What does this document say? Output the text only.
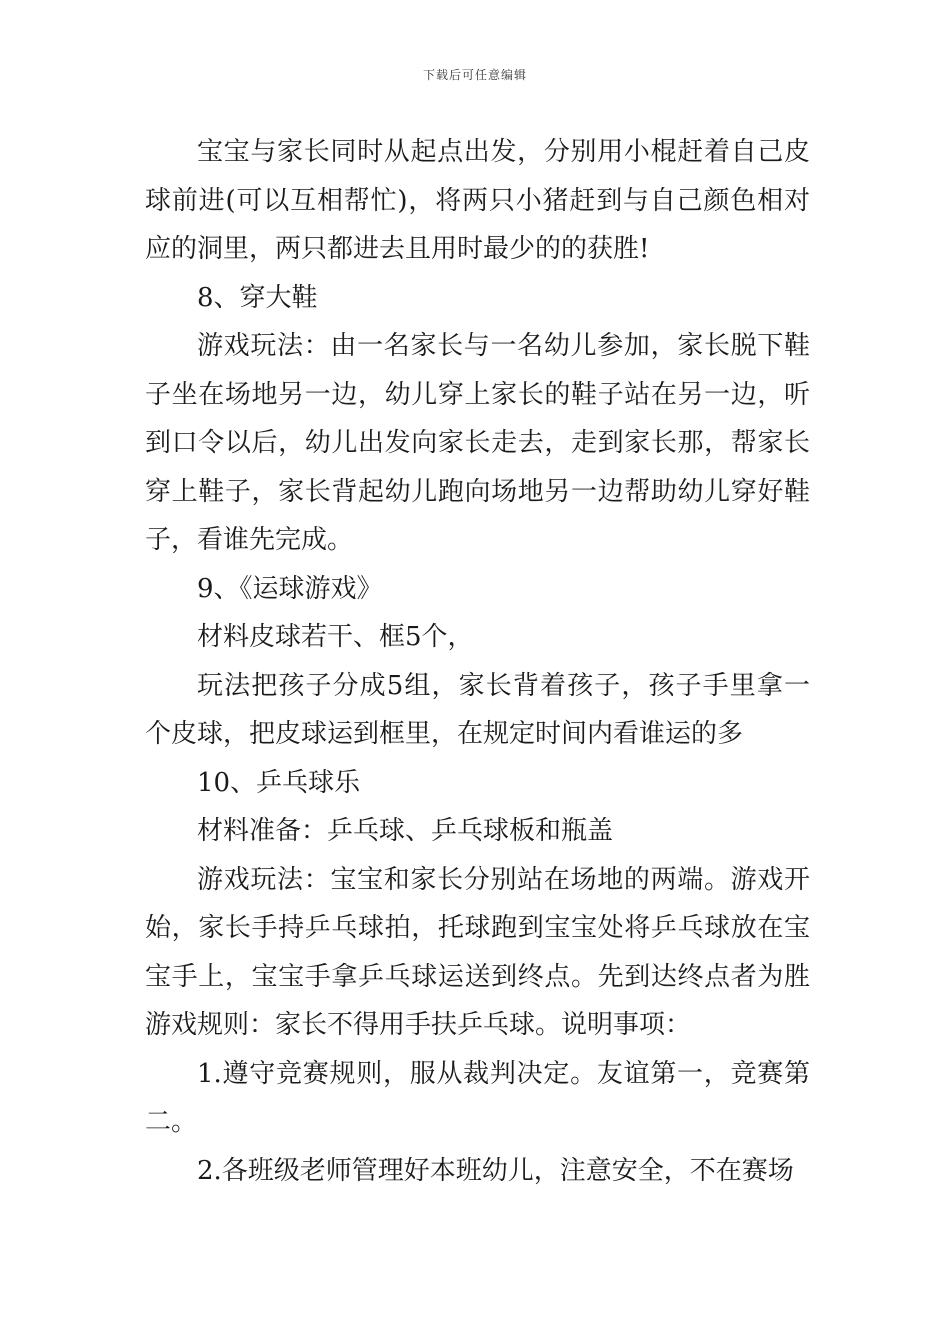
下载后可任意编辑

宝宝与家长同时从起点出发，分别用小棍赶着自己皮球前进(可以互相帮忙)，将两只小猪赶到与自己颜色相对应的洞里，两只都进去且用时最少的的获胜!

8、穿大鞋

游戏玩法：由一名家长与一名幼儿参加，家长脱下鞋子坐在场地另一边，幼儿穿上家长的鞋子站在另一边，听到口令以后，幼儿出发向家长走去，走到家长那，帮家长穿上鞋子，家长背起幼儿跑向场地另一边帮助幼儿穿好鞋子，看谁先完成。

9、《运球游戏》

材料皮球若干、框5个，

玩法把孩子分成5组，家长背着孩子，孩子手里拿一个皮球，把皮球运到框里，在规定时间内看谁运的多

10、乒乓球乐

材料准备：乒乓球、乒乓球板和瓶盖

游戏玩法：宝宝和家长分别站在场地的两端。游戏开始，家长手持乒乓球拍，托球跑到宝宝处将乒乓球放在宝宝手上，宝宝手拿乒乓球运送到终点。先到达终点者为胜游戏规则：家长不得用手扶乒乓球。说明事项：

1.遵守竞赛规则，服从裁判决定。友谊第一，竞赛第二。

2.各班级老师管理好本班幼儿，注意安全，不在赛场
